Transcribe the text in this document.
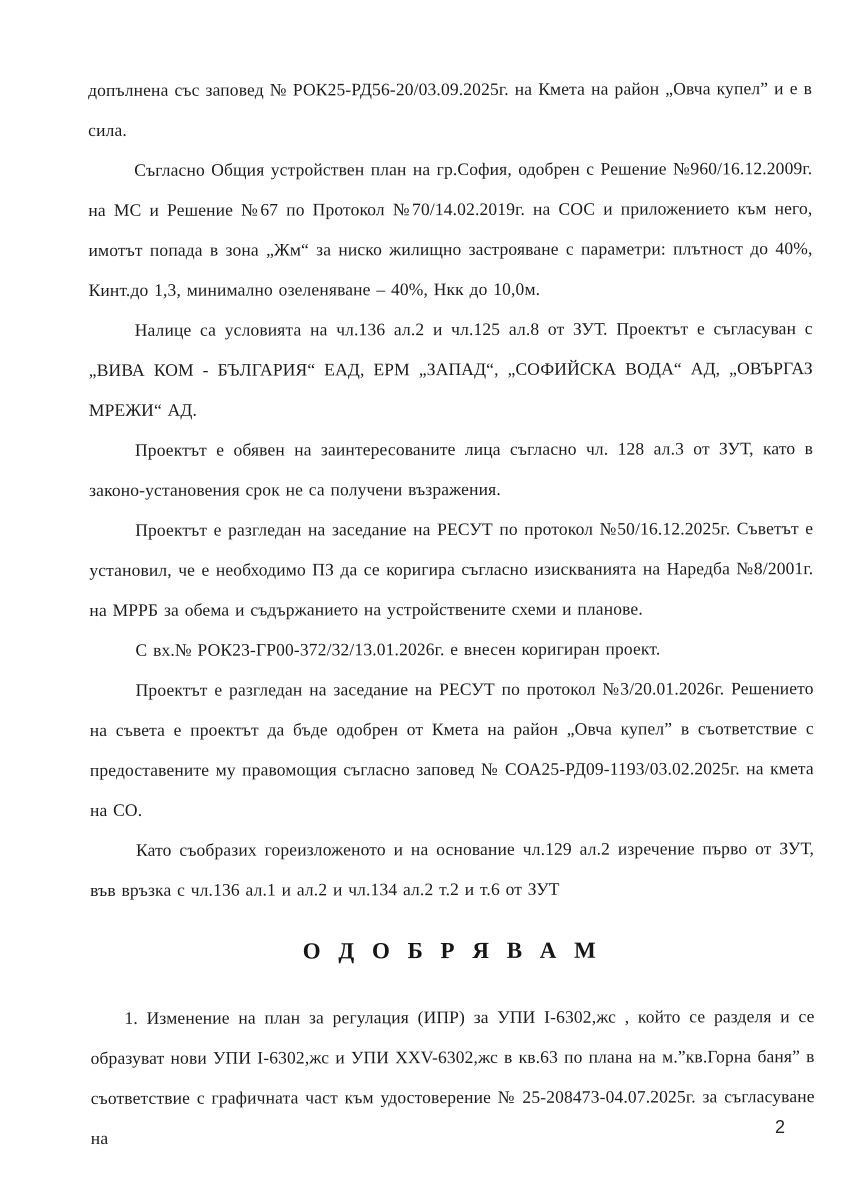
допълнена със заповед № РОК25-РД56-20/03.09.2025г. на Кмета на район „Овча купел” и е в сила.

Съгласно Общия устройствен план на гр.София, одобрен с Решение №960/16.12.2009г. на МС и Решение №67 по Протокол №70/14.02.2019г. на СОС и приложението към него, имотът попада в зона „Жм“ за ниско жилищно застрояване с параметри: плътност до 40%, Кинт.до 1,3, минимално озеленяване – 40%, Нкк до 10,0м.

Налице са условията на чл.136 ал.2 и чл.125 ал.8 от ЗУТ. Проектът е съгласуван с „ВИВА КОМ - БЪЛГАРИЯ“ ЕАД, ЕРМ „ЗАПАД“, „СОФИЙСКА ВОДА“ АД, „ОВЪРГАЗ МРЕЖИ“ АД.

Проектът е обявен на заинтересованите лица съгласно чл. 128 ал.3 от ЗУТ, като в законо-установения срок не са получени възражения.

Проектът е разгледан на заседание на РЕСУТ по протокол №50/16.12.2025г. Съветът е установил, че е необходимо ПЗ да се коригира съгласно изискванията на Наредба №8/2001г. на МРРБ за обема и съдържанието на устройствените схеми и планове.

С вх.№ РОК23-ГР00-372/32/13.01.2026г. е внесен коригиран проект.

Проектът е разгледан на заседание на РЕСУТ по протокол №3/20.01.2026г. Решението на съвета е проектът да бъде одобрен от Кмета на район „Овча купел” в съответствие с предоставените му правомощия съгласно заповед № СОА25-РД09-1193/03.02.2025г. на кмета на СО.

Като съобразих гореизложеното и на основание чл.129 ал.2 изречение първо от ЗУТ, във връзка с чл.136 ал.1 и ал.2 и чл.134 ал.2 т.2 и т.6 от ЗУТ

О Д О Б Р Я В А М

1. Изменение на план за регулация (ИПР) за УПИ I-6302,жс , който се разделя и се образуват нови УПИ I-6302,жс и УПИ XXV-6302,жс в кв.63 по плана на м.”кв.Горна баня” в съответствие с графичната част към удостоверение № 25-208473-04.07.2025г. за съгласуване на

2
